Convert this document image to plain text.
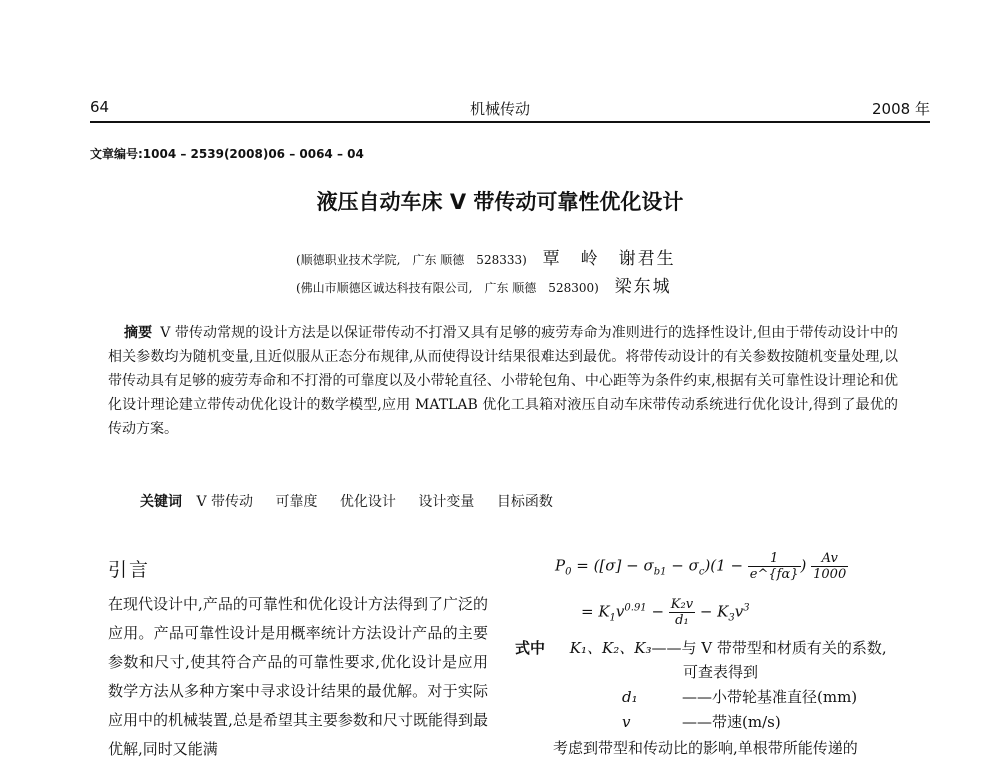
64	机械传动	2008 年
文章编号:1004 – 2539(2008)06 – 0064 – 04
液压自动车床 V 带传动可靠性优化设计
(顺德职业技术学院,　广东 顺德　528333) 覃　岭　谢君生
(佛山市顺德区诚达科技有限公司,　广东 顺德　528300) 梁东城
摘要 V 带传动常规的设计方法是以保证带传动不打滑又具有足够的疲劳寿命为准则进行的选择性设计,但由于带传动设计中的相关参数均为随机变量,且近似服从正态分布规律,从而使得设计结果很难达到最优。将带传动设计的有关参数按随机变量处理,以带传动具有足够的疲劳寿命和不打滑的可靠度以及小带轮直径、小带轮包角、中心距等为条件约束,根据有关可靠性设计理论和优化设计理论建立带传动优化设计的数学模型,应用 MATLAB 优化工具箱对液压自动车床带传动系统进行优化设计,得到了最优的传动方案。
关键词 V 带传动 可靠度 优化设计 设计变量 目标函数
引言

在现代设计中,产品的可靠性和优化设计方法得到了广泛的应用。产品可靠性设计是用概率统计方法设计产品的主要参数和尺寸,使其符合产品的可靠性要求,优化设计是应用数学方法从多种方案中寻求设计结果的最优解。对于实际应用中的机械装置,总是希望其主要参数和尺寸既能得到最优解,同时又能满

$P_0 = ([\sigma] - \sigma_{b1} - \sigma_c)(1 - \frac{1}{e\^{}\{f\alpha\}}$ ) $\frac{Av}{1000}$
= $K_1v^{0.91} - \frac{\text{K₂v}}{\text{d₁}} - K_3v^3$
式中 K₁、K₂、K₃——与 V 带带型和材质有关的系数,
可查表得到
d₁	——小带轮基准直径(mm)
v	——带速(m/s)
考虑到带型和传动比的影响,单根带所能传递的
